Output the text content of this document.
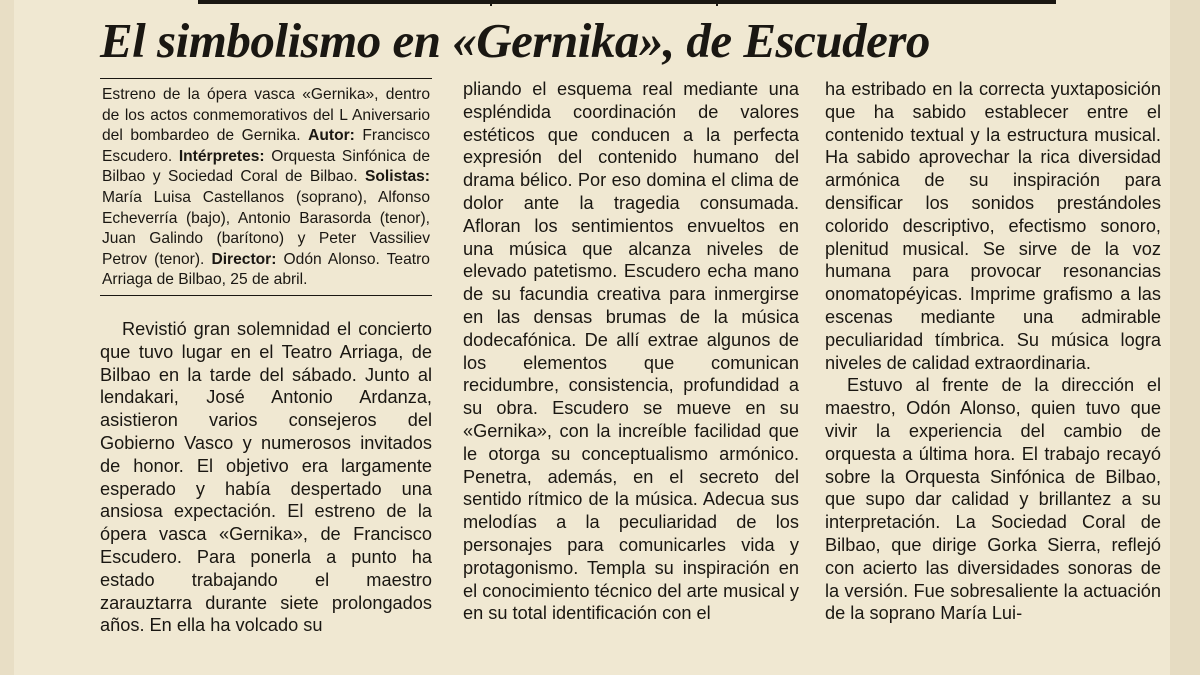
El simbolismo en «Gernika», de Escudero
Estreno de la ópera vasca «Gernika», dentro de los actos conmemorativos del L Aniversario del bombardeo de Gernika. Autor: Francisco Escudero. Intérpretes: Orquesta Sinfónica de Bilbao y Sociedad Coral de Bilbao. Solistas: María Luisa Castellanos (soprano), Alfonso Echeverría (bajo), Antonio Barasorda (tenor), Juan Galindo (barítono) y Peter Vassiliev Petrov (tenor). Director: Odón Alonso. Teatro Arriaga de Bilbao, 25 de abril.

Revistió gran solemnidad el concierto que tuvo lugar en el Teatro Arriaga, de Bilbao en la tarde del sábado. Junto al lendakari, José Antonio Ardanza, asistieron varios consejeros del Gobierno Vasco y numerosos invitados de honor. El objetivo era largamente esperado y había despertado una ansiosa expectación. El estreno de la ópera vasca «Gernika», de Francisco Escudero. Para ponerla a punto ha estado trabajando el maestro zarauztarra durante siete prolongados años. En ella ha volcado su

pliando el esquema real mediante una espléndida coordinación de valores estéticos que conducen a la perfecta expresión del contenido humano del drama bélico. Por eso domina el clima de dolor ante la tragedia consumada. Afloran los sentimientos envueltos en una música que alcanza niveles de elevado patetismo. Escudero echa mano de su facundia creativa para inmergirse en las densas brumas de la música dodecafónica. De allí extrae algunos de los elementos que comunican recidumbre, consistencia, profundidad a su obra. Escudero se mueve en su «Gernika», con la increíble facilidad que le otorga su conceptualismo armónico. Penetra, además, en el secreto del sentido rítmico de la música. Adecua sus melodías a la peculiaridad de los personajes para comunicarles vida y protagonismo. Templa su inspiración en el conocimiento técnico del arte musical y en su total identificación con el

ha estribado en la correcta yuxtaposición que ha sabido establecer entre el contenido textual y la estructura musical. Ha sabido aprovechar la rica diversidad armónica de su inspiración para densificar los sonidos prestándoles colorido descriptivo, efectismo sonoro, plenitud musical. Se sirve de la voz humana para provocar resonancias onomatopéyicas. Imprime grafismo a las escenas mediante una admirable peculiaridad tímbrica. Su música logra niveles de calidad extraordinaria.

Estuvo al frente de la dirección el maestro, Odón Alonso, quien tuvo que vivir la experiencia del cambio de orquesta a última hora. El trabajo recayó sobre la Orquesta Sinfónica de Bilbao, que supo dar calidad y brillantez a su interpretación. La Sociedad Coral de Bilbao, que dirige Gorka Sierra, reflejó con acierto las diversidades sonoras de la versión. Fue sobresaliente la actuación de la soprano María Lui-
